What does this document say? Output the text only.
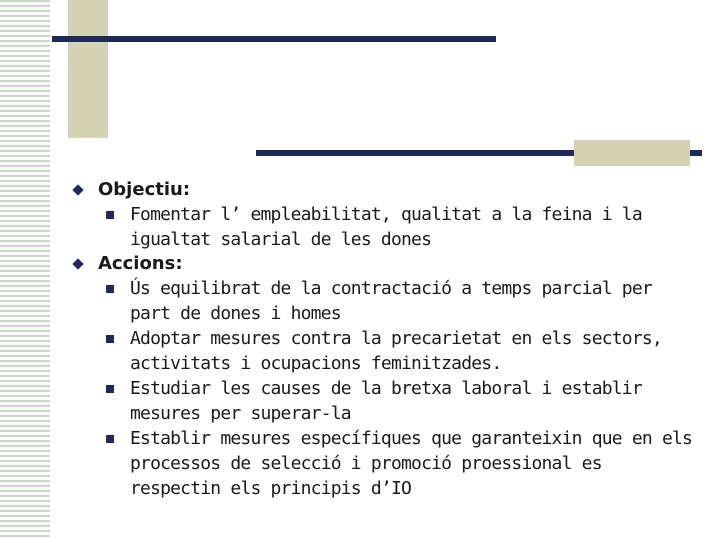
Objectiu:
Fomentar l’ empleabilitat, qualitat a la feina i la igualtat salarial de les dones
Accions:
Ús equilibrat de la contractació a temps parcial per part de dones i homes
Adoptar mesures contra la precarietat en els sectors, activitats i ocupacions feminitzades.
Estudiar les causes de la bretxa laboral i establir mesures per superar-la
Establir mesures específiques que garanteixin que en els processos de selecció i promoció proessional es respectin els principis d’IO
